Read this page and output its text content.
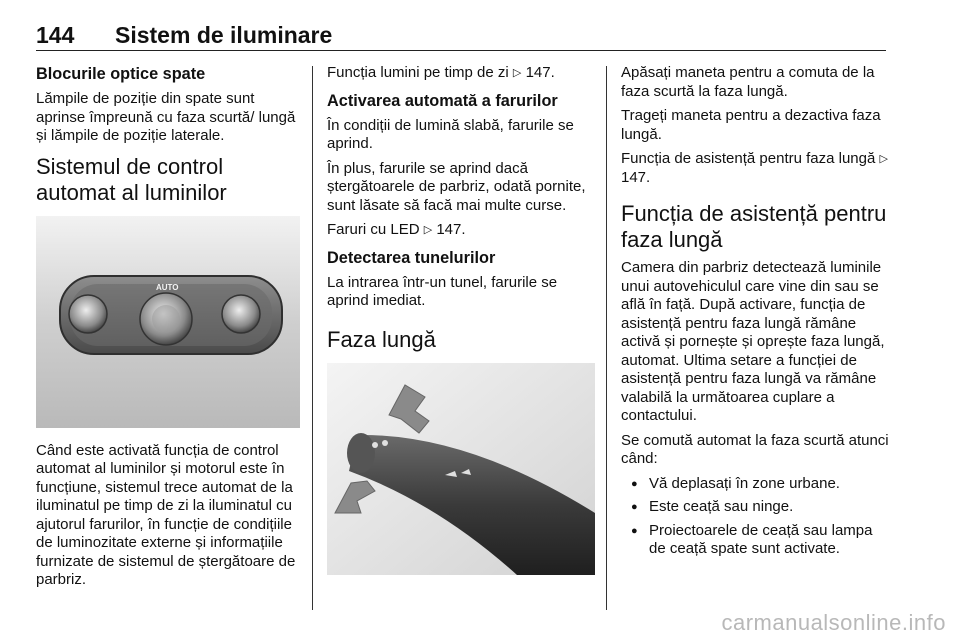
144 Sistem de iluminare
Blocurile optice spate

Lămpile de poziție din spate sunt aprinse împreună cu faza scurtă/ lungă și lămpile de poziție laterale.

Sistemul de control automat al luminilor
AUTO

Când este activată funcția de control automat al luminilor și motorul este în funcțiune, sistemul trece automat de la iluminatul pe timp de zi la iluminatul cu ajutorul farurilor, în funcție de condițiile de luminozitate externe și informațiile furnizate de sistemul de ștergătoare de parbriz.

Funcția lumini pe timp de zi ▷ 147.

Activarea automată a farurilor

În condiții de lumină slabă, farurile se aprind.

În plus, farurile se aprind dacă ștergătoarele de parbriz, odată pornite, sunt lăsate să facă mai multe curse.

Faruri cu LED ▷ 147.

Detectarea tunelurilor

La intrarea într-un tunel, farurile se aprind imediat.

Faza lungă

Apăsați maneta pentru a comuta de la faza scurtă la faza lungă.

Trageți maneta pentru a dezactiva faza lungă.

Funcția de asistență pentru faza lungă ▷ 147.

Funcția de asistență pentru faza lungă

Camera din parbriz detectează luminile unui autovehiculul care vine din sau se află în față. După activare, funcția de asistență pentru faza lungă rămâne activă și pornește și oprește faza lungă, automat. Ultima setare a funcției de asistență pentru faza lungă va rămâne valabilă la următoarea cuplare a contactului.

Se comută automat la faza scurtă atunci când:

● Vă deplasați în zone urbane.
● Este ceață sau ninge.
● Proiectoarele de ceață sau lampa de ceață spate sunt activate.
carmanualsonline.info
